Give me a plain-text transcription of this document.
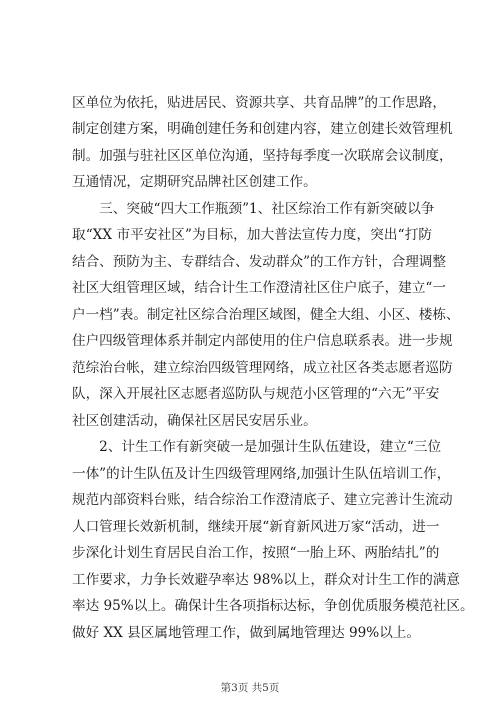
区单位为依托，贴进居民、资源共享、共育品牌”的工作思路，
制定创建方案，明确创建任务和创建内容，建立创建长效管理机
制。加强与驻社区区单位沟通，坚持每季度一次联席会议制度，
互通情况，定期研究品牌社区创建工作。
　　三、突破“四大工作瓶颈”1、社区综治工作有新突破以争
取“XX 市平安社区”为目标，加大普法宣传力度，突出“打防
结合、预防为主、专群结合、发动群众”的工作方针，合理调整
社区大组管理区域，结合计生工作澄清社区住户底子，建立“一
户一档”表。制定社区综合治理区域图，健全大组、小区、楼栋、
住户四级管理体系并制定内部使用的住户信息联系表。进一步规
范综治台帐，建立综治四级管理网络，成立社区各类志愿者巡防
队，深入开展社区志愿者巡防队与规范小区管理的“六无”平安
社区创建活动，确保社区居民安居乐业。
　　2、计生工作有新突破一是加强计生队伍建设，建立“三位
一体”的计生队伍及计生四级管理网络,加强计生队伍培训工作，
规范内部资料台账，结合综治工作澄清底子、建立完善计生流动
人口管理长效新机制，继续开展“新育新风进万家“活动，进一
步深化计划生育居民自治工作，按照“一胎上环、两胎结扎”的
工作要求，力争长效避孕率达 98%以上，群众对计生工作的满意
率达 95%以上。确保计生各项指标达标，争创优质服务模范社区。
做好 XX 县区属地管理工作，做到属地管理达 99%以上。
第3页 共5页
